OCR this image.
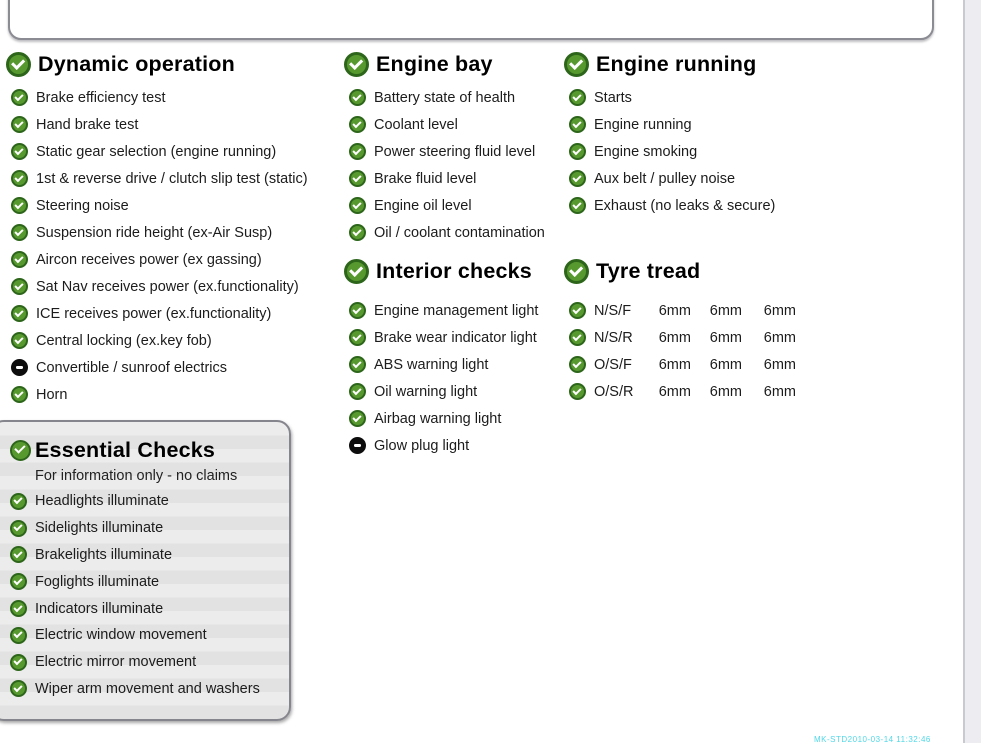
Dynamic operation
Brake efficiency test
Hand brake test
Static gear selection (engine running)
1st & reverse drive / clutch slip test (static)
Steering noise
Suspension ride height (ex-Air Susp)
Aircon receives power (ex gassing)
Sat Nav receives power (ex.functionality)
ICE receives power (ex.functionality)
Central locking (ex.key fob)
Convertible / sunroof electrics
Horn
Engine bay
Battery state of health
Coolant level
Power steering fluid level
Brake fluid level
Engine oil level
Oil / coolant contamination
Interior checks
Engine management light
Brake wear indicator light
ABS warning light
Oil warning light
Airbag warning light
Glow plug light
Engine running
Starts
Engine running
Engine smoking
Aux belt / pulley noise
Exhaust (no leaks & secure)
Tyre tread
N/S/F	6mm	6mm	6mm
N/S/R	6mm	6mm	6mm
O/S/F	6mm	6mm	6mm
O/S/R	6mm	6mm	6mm
Essential Checks
For information only - no claims
Headlights illuminate
Sidelights illuminate
Brakelights illuminate
Foglights illuminate
Indicators illuminate
Electric window movement
Electric mirror movement
Wiper arm movement and washers
MK-STD2010-03-14 11:32:46
